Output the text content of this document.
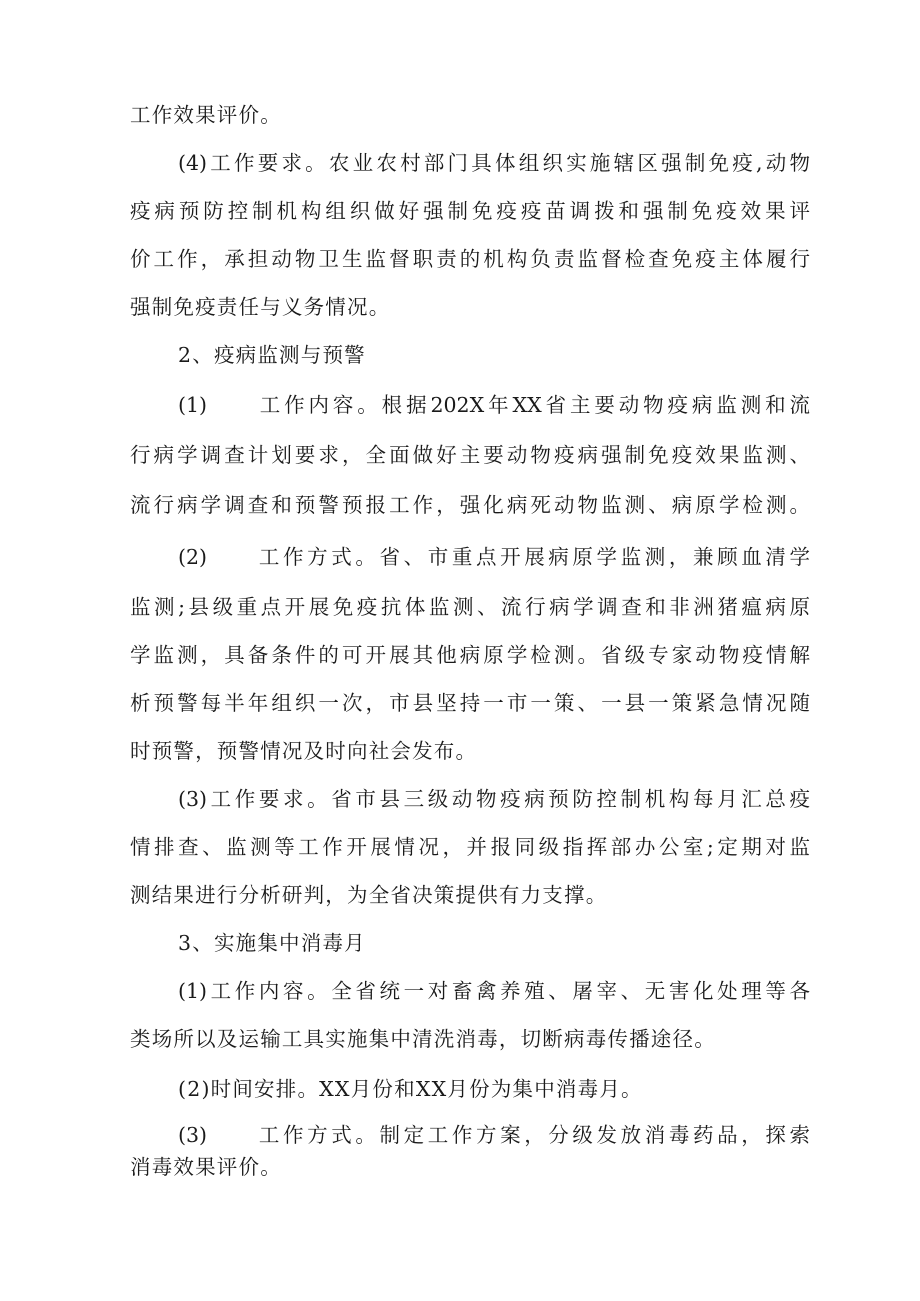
工作效果评价。
(4)工作要求。农业农村部门具体组织实施辖区强制免疫,动物
疫病预防控制机构组织做好强制免疫疫苗调拨和强制免疫效果评
价工作，承担动物卫生监督职责的机构负责监督检查免疫主体履行
强制免疫责任与义务情况。
2、疫病监测与预警
(1)　　工作内容。根据202X年XX省主要动物疫病监测和流
行病学调查计划要求，全面做好主要动物疫病强制免疫效果监测、
流行病学调查和预警预报工作，强化病死动物监测、病原学检测。
(2)　　工作方式。省、市重点开展病原学监测，兼顾血清学
监测;县级重点开展免疫抗体监测、流行病学调查和非洲猪瘟病原
学监测，具备条件的可开展其他病原学检测。省级专家动物疫情解
析预警每半年组织一次，市县坚持一市一策、一县一策紧急情况随
时预警，预警情况及时向社会发布。
(3)工作要求。省市县三级动物疫病预防控制机构每月汇总疫
情排查、监测等工作开展情况，并报同级指挥部办公室;定期对监
测结果进行分析研判，为全省决策提供有力支撑。
3、实施集中消毒月
(1)工作内容。全省统一对畜禽养殖、屠宰、无害化处理等各
类场所以及运输工具实施集中清洗消毒，切断病毒传播途径。
(2)时间安排。XX月份和XX月份为集中消毒月。
(3)　　工作方式。制定工作方案，分级发放消毒药品，探索
消毒效果评价。
